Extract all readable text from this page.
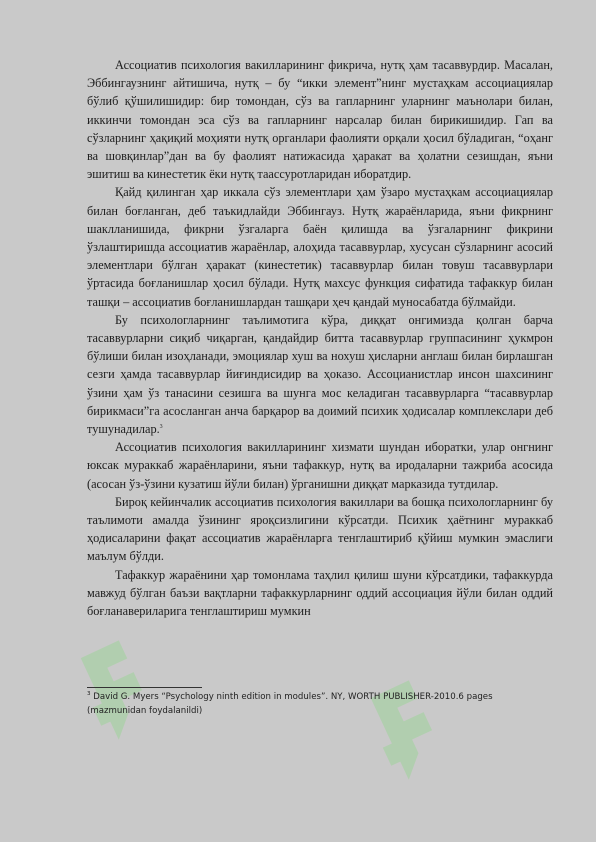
Ассоциатив психология вакилларининг фикрича, нутқ ҳам тасаввурдир. Масалан, Эббингаузнинг айтишича, нутқ – бу “икки элемент”нинг мустаҳкам ассоциациялар бўлиб қўшилишидир: бир томондан, сўз ва гапларнинг уларнинг маънолари билан, иккинчи томондан эса сўз ва гапларнинг нарсалар билан бирикишидир. Гап ва сўзларнинг ҳақиқий моҳияти нутқ органлари фаолияти орқали ҳосил бўладиган, “оҳанг ва шовқинлар”дан ва бу фаолият натижасида ҳаракат ва ҳолатни сезишдан, яъни эшитиш ва кинестетик ёки нутқ таассуротларидан иборатдир.

Қайд қилинган ҳар иккала сўз элементлари ҳам ўзаро мустаҳкам ассоциациялар билан боғланган, деб таъкидлайди Эббингауз. Нутқ жараёнларида, яъни фикрнинг шаклланишида, фикрни ўзгаларга баён қилишда ва ўзгаларнинг фикрини ўзлаштиришда ассоциатив жараёнлар, алоҳида тасаввурлар, хусусан сўзларнинг асосий элементлари бўлган ҳаракат (кинестетик) тасаввурлар билан товуш тасаввурлари ўртасида боғланишлар ҳосил бўлади. Нутқ махсус функция сифатида тафаккур билан ташқи – ассоциатив боғланишлардан ташқари ҳеч қандай муносабатда бўлмайди.

Бу психологларнинг таълимотига кўра, диққат онгимизда қолган барча тасаввурларни сиқиб чиқарган, қандайдир битта тасаввурлар группасининг ҳукмрон бўлиши билан изоҳланади, эмоциялар хуш ва нохуш ҳисларни англаш билан бирлашган сезги ҳамда тасаввурлар йиғиндисидир ва ҳоказо. Ассоцианистлар инсон шахсининг ўзини ҳам ўз танасини сезишга ва шунга мос келадиган тасаввурларга “тасаввурлар бирикмаси”га асосланган анча барқарор ва доимий психик ҳодисалар комплекслари деб тушунадилар.$^3$

Ассоциатив психология вакилларининг хизмати шундан иборатки, улар онгнинг юксак мураккаб жараёнларини, яъни тафаккур, нутқ ва иродаларни тажриба асосида (асосан ўз-ўзини кузатиш йўли билан) ўрганишни диққат марказида тутдилар.

Бироқ кейинчалик ассоциатив психология вакиллари ва бошқа психологларнинг бу таълимоти амалда ўзининг яроқсизлигини кўрсатди. Психик ҳаётнинг мураккаб ҳодисаларини фақат ассоциатив жараёнларга тенглаштириб қўйиш мумкин эмаслиги маълум бўлди.

Тафаккур жараёнини ҳар томонлама таҳлил қилиш шуни кўрсатдики, тафаккурда мавжуд бўлган баъзи вақтларни тафаккурларнинг оддий ассоциация йўли билан оддий боғланавериларига тенглаштириш мумкин

$^3$ David G. Myers “Psychology ninth edition in modules”. NY, WORTH PUBLISHER-2010.6 pages (mazmunidan foydalanildi)
